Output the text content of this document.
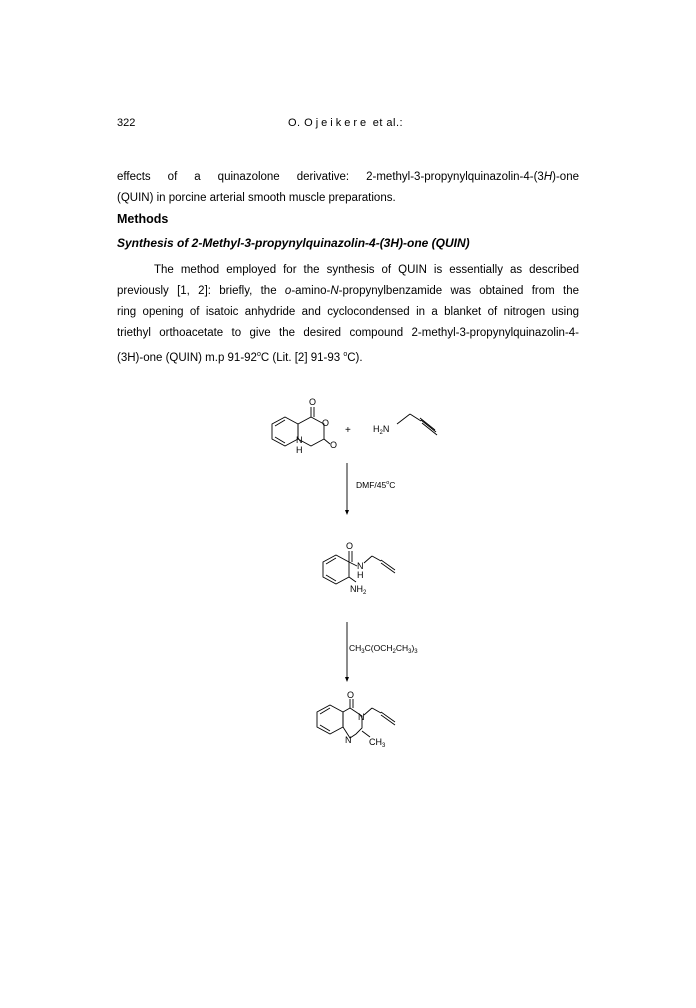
322	O. Ojeikere et al.:
effects of a quinazolone derivative: 2-methyl-3-propynylquinazolin-4-(3H)-one
(QUIN) in porcine arterial smooth muscle preparations.
Methods
Synthesis of 2-Methyl-3-propynylquinazolin-4-(3H)-one (QUIN)
The method employed for the synthesis of QUIN is essentially as described
previously [1, 2]: briefly, the o-amino-N-propynylbenzamide was obtained from the
ring opening of isatoic anhydride and cyclocondensed in a blanket of nitrogen using
triethyl orthoacetate to give the desired compound 2-methyl-3-propynylquinazolin-4-
(3H)-one (QUIN) m.p 91-92$^o$C (Lit. [2] 91-93 $^o$C).
O
O
O
N
H
+ $H_2N$
DMF/45$^o$C
O
N
H
$NH_2$
$CH_3C(OCH_2CH_3)_3$
O
N
N $CH_3$
